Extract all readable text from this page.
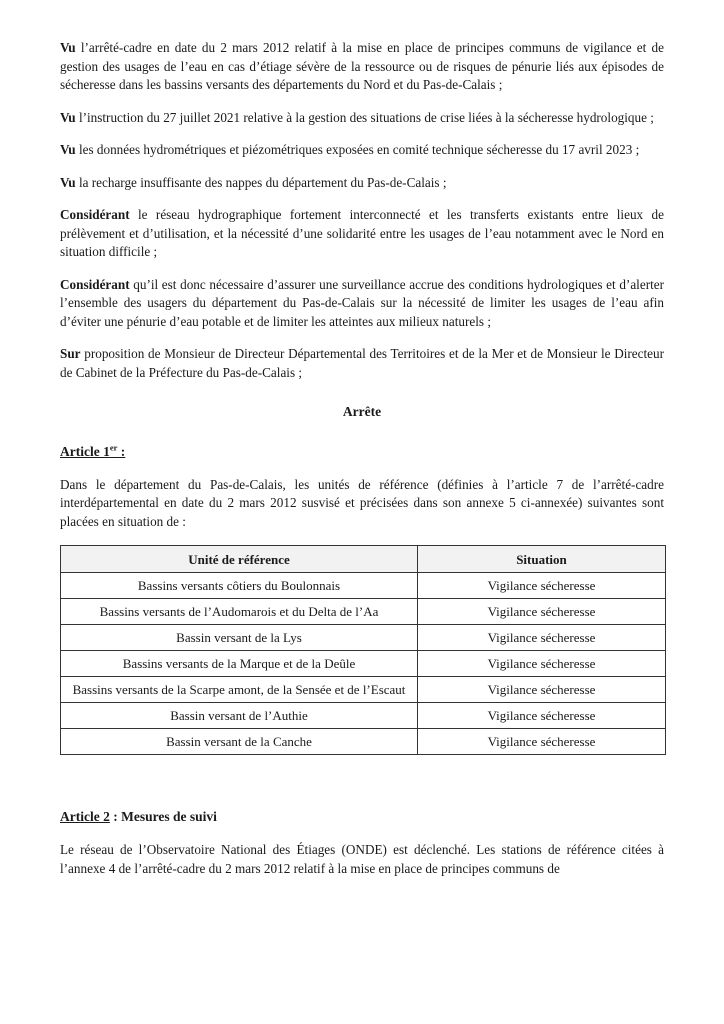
Vu l’arrêté-cadre en date du 2 mars 2012 relatif à la mise en place de principes communs de vigilance et de gestion des usages de l’eau en cas d’étiage sévère de la ressource ou de risques de pénurie liés aux épisodes de sécheresse dans les bassins versants des départements du Nord et du Pas-de-Calais ;

Vu l’instruction du 27 juillet 2021 relative à la gestion des situations de crise liées à la sécheresse hydrologique ;

Vu les données hydrométriques et piézométriques exposées en comité technique sécheresse du 17 avril 2023 ;

Vu la recharge insuffisante des nappes du département du Pas-de-Calais ;

Considérant le réseau hydrographique fortement interconnecté et les transferts existants entre lieux de prélèvement et d’utilisation, et la nécessité d’une solidarité entre les usages de l’eau notamment avec le Nord en situation difficile ;

Considérant qu’il est donc nécessaire d’assurer une surveillance accrue des conditions hydrologiques et d’alerter l’ensemble des usagers du département du Pas-de-Calais sur la nécessité de limiter les usages de l’eau afin d’éviter une pénurie d’eau potable et de limiter les atteintes aux milieux naturels ;

Sur proposition de Monsieur de Directeur Départemental des Territoires et de la Mer et de Monsieur le Directeur de Cabinet de la Préfecture du Pas-de-Calais ;

Arrête
Article 1er :

Dans le département du Pas-de-Calais, les unités de référence (définies à l’article 7 de l’arrêté-cadre interdépartemental en date du 2 mars 2012 susvisé et précisées dans son annexe 5 ci-annexée) suivantes sont placées en situation de :

Unité de référence	Situation
Bassins versants côtiers du Boulonnais	Vigilance sécheresse
Bassins versants de l’Audomarois et du Delta de l’Aa	Vigilance sécheresse
Bassin versant de la Lys	Vigilance sécheresse
Bassins versants de la Marque et de la Deûle	Vigilance sécheresse
Bassins versants de la Scarpe amont, de la Sensée et de l’Escaut	Vigilance sécheresse
Bassin versant de l’Authie	Vigilance sécheresse
Bassin versant de la Canche	Vigilance sécheresse
Article 2 : Mesures de suivi

Le réseau de l’Observatoire National des Étiages (ONDE) est déclenché. Les stations de référence citées à l’annexe 4 de l’arrêté-cadre du 2 mars 2012 relatif à la mise en place de principes communs de
